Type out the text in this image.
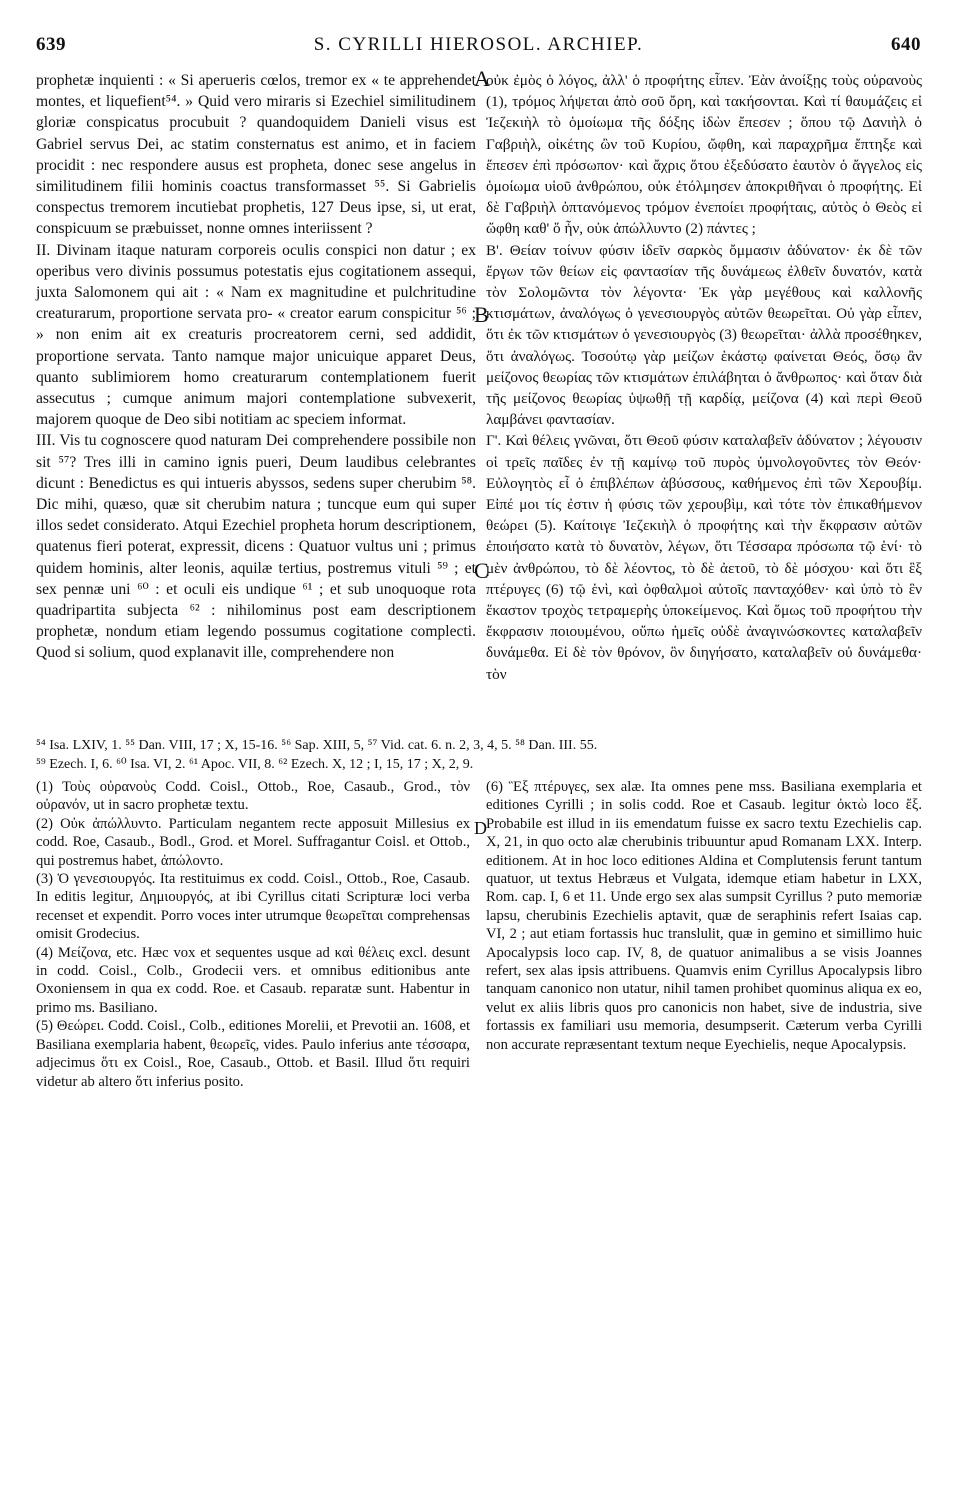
639	S. CYRILLI HIEROSOL. ARCHIEP.	640
A
B
C

prophetæ inquienti : « Si aperueris cœlos, tremor ex « te apprehendet montes, et liquefient⁵⁴. » Quid vero miraris si Ezechiel similitudinem gloriæ conspicatus procubuit ? quandoquidem Danieli visus est Gabriel servus Dei, ac statim consternatus est animo, et in faciem procidit : nec respondere ausus est propheta, donec sese angelus in similitudinem filii hominis coactus transformasset ⁵⁵. Si Gabrielis conspectus tremorem incutiebat prophetis, 127 Deus ipse, si, ut erat, conspicuum se præbuisset, nonne omnes interiissent ?

II. Divinam itaque naturam corporeis oculis conspici non datur ; ex operibus vero divinis possumus potestatis ejus cogitationem assequi, juxta Salomonem qui ait : « Nam ex magnitudine et pulchritudine creaturarum, proportione servata pro- « creator earum conspicitur ⁵⁶ ; » non enim ait ex creaturis procreatorem cerni, sed addidit, proportione servata. Tanto namque major unicuique apparet Deus, quanto sublimiorem homo creaturarum contemplationem fuerit assecutus ; cumque animum majori contemplatione subvexerit, majorem quoque de Deo sibi notitiam ac speciem informat.

III. Vis tu cognoscere quod naturam Dei comprehendere possibile non sit ⁵⁷? Tres illi in camino ignis pueri, Deum laudibus celebrantes dicunt : Benedictus es qui intueris abyssos, sedens super cherubim ⁵⁸. Dic mihi, quæso, quæ sit cherubim natura ; tuncque eum qui super illos sedet considerato. Atqui Ezechiel propheta horum descriptionem, quatenus fieri poterat, expressit, dicens : Quatuor vultus uni ; primus quidem hominis, alter leonis, aquilæ tertius, postremus vituli ⁵⁹ ; et sex pennæ uni ⁶⁰ : et oculi eis undique ⁶¹ ; et sub unoquoque rota quadripartita subjecta ⁶² : nihilominus post eam descriptionem prophetæ, nondum etiam legendo possumus cogitatione complecti. Quod si solium, quod explanavit ille, comprehendere non

οὐκ ἐμὸς ὁ λόγος, ἀλλ' ὁ προφήτης εἶπεν. Ἐὰν ἀνοίξῃς τοὺς οὐρανοὺς (1), τρόμος λήψεται ἀπὸ σοῦ ὄρη, καὶ τακήσονται. Καὶ τί θαυμάζεις εἰ Ἰεζεκιὴλ τὸ ὁμοίωμα τῆς δόξης ἰδὼν ἔπεσεν ; ὅπου τῷ Δανιὴλ ὁ Γαβριὴλ, οἰκέτης ὢν τοῦ Κυρίου, ὤφθη, καὶ παραχρῆμα ἔπτηξε καὶ ἔπεσεν ἐπὶ πρόσωπον· καὶ ἄχρις ὅτου ἐξεδύσατο ἑαυτὸν ὁ ἄγγελος εἰς ὁμοίωμα υἱοῦ ἀνθρώπου, οὐκ ἐτόλμησεν ἀποκριθῆναι ὁ προφήτης. Εἰ δὲ Γαβριὴλ ὀπτανόμενος τρόμον ἐνεποίει προφήταις, αὐτὸς ὁ Θεὸς εἰ ὤφθη καθ' ὅ ἦν, οὐκ ἀπώλλυντο (2) πάντες ;

Β'. Θείαν τοίνυν φύσιν ἰδεῖν σαρκὸς ὄμμασιν ἀδύνατον· ἐκ δὲ τῶν ἔργων τῶν θείων εἰς φαντασίαν τῆς δυνάμεως ἐλθεῖν δυνατόν, κατὰ τὸν Σολομῶντα τὸν λέγοντα· Ἐκ γὰρ μεγέθους καὶ καλλονῆς κτισμάτων, ἀναλόγως ὁ γενεσιουργὸς αὐτῶν θεωρεῖται. Οὐ γὰρ εἶπεν, ὅτι ἐκ τῶν κτισμάτων ὁ γενεσιουργὸς (3) θεωρεῖται· ἀλλὰ προσέθηκεν, ὅτι ἀναλόγως. Τοσούτῳ γὰρ μείζων ἑκάστῳ φαίνεται Θεός, ὅσῳ ἂν μείζονος θεωρίας τῶν κτισμάτων ἐπιλάβηται ὁ ἄνθρωπος· καὶ ὅταν διὰ τῆς μείζονος θεωρίας ὑψωθῇ τῇ καρδίᾳ, μείζονα (4) καὶ περὶ Θεοῦ λαμβάνει φαντασίαν.

Γ'. Καὶ θέλεις γνῶναι, ὅτι Θεοῦ φύσιν καταλαβεῖν ἀδύνατον ; λέγουσιν οἱ τρεῖς παῖδες ἐν τῇ καμίνῳ τοῦ πυρὸς ὑμνολογοῦντες τὸν Θεόν· Εὐλογητὸς εἶ ὁ ἐπιβλέπων ἀβύσσους, καθήμενος ἐπὶ τῶν Χερουβίμ. Εἰπέ μοι τίς ἐστιν ἡ φύσις τῶν χερουβὶμ, καὶ τότε τὸν ἐπικαθήμενον θεώρει (5). Καίτοιγε Ἰεζεκιὴλ ὁ προφήτης καὶ τὴν ἔκφρασιν αὐτῶν ἐποιήσατο κατὰ τὸ δυνατὸν, λέγων, ὅτι Τέσσαρα πρόσωπα τῷ ἑνί· τὸ μὲν ἀνθρώπου, τὸ δὲ λέοντος, τὸ δὲ ἀετοῦ, τὸ δὲ μόσχου· καὶ ὅτι ἓξ πτέρυγες (6) τῷ ἑνὶ, καὶ ὀφθαλμοὶ αὐτοῖς πανταχόθεν· καὶ ὑπὸ τὸ ἓν ἕκαστον τροχὸς τετραμερὴς ὑποκείμενος. Καὶ ὅμως τοῦ προφήτου τὴν ἔκφρασιν ποιουμένου, οὔπω ἡμεῖς οὐδὲ ἀναγινώσκοντες καταλαβεῖν δυνάμεθα. Εἰ δὲ τὸν θρόνον, ὃν διηγήσατο, καταλαβεῖν οὐ δυνάμεθα· τὸν

⁵⁴ Isa. LXIV, 1. ⁵⁵ Dan. VIII, 17 ; X, 15-16. ⁵⁶ Sap. XIII, 5, ⁵⁷ Vid. cat. 6. n. 2, 3, 4, 5. ⁵⁸ Dan. III. 55.

⁵⁹ Ezech. I, 6. ⁶⁰ Isa. VI, 2. ⁶¹ Apoc. VII, 8. ⁶² Ezech. X, 12 ; I, 15, 17 ; X, 2, 9.

D

(1) Τοὺς οὐρανοὺς Codd. Coisl., Ottob., Roe, Casaub., Grod., τὸν οὐρανόν, ut in sacro prophetæ textu.

(2) Οὐκ ἀπώλλυντο. Particulam negantem recte apposuit Millesius ex codd. Roe, Casaub., Bodl., Grod. et Morel. Suffragantur Coisl. et Ottob., qui postremus habet, ἀπώλοντο.

(3) Ὁ γενεσιουργός. Ita restituimus ex codd. Coisl., Ottob., Roe, Casaub. In editis legitur, Δημιουργός, at ibi Cyrillus citati Scripturæ loci verba recenset et expendit. Porro voces inter utrumque θεωρεῖται comprehensas omisit Grodecius.

(4) Μείζονα, etc. Hæc vox et sequentes usque ad καὶ θέλεις excl. desunt in codd. Coisl., Colb., Grodecii vers. et omnibus editionibus ante Oxoniensem in qua ex codd. Roe. et Casaub. reparatæ sunt. Habentur in primo ms. Basiliano.

(5) Θεώρει. Codd. Coisl., Colb., editiones Morelii, et Prevotii an. 1608, et Basiliana exemplaria habent, θεωρεῖς, vides. Paulo inferius ante τέσσαρα, adjecimus ὅτι ex Coisl., Roe, Casaub., Ottob. et Basil. Illud ὅτι requiri videtur ab altero ὅτι inferius posito.

(6) Ἓξ πτέρυγες, sex alæ. Ita omnes pene mss. Basiliana exemplaria et editiones Cyrilli ; in solis codd. Roe et Casaub. legitur ὀκτὼ loco ἕξ. Probabile est illud in iis emendatum fuisse ex sacro textu Ezechielis cap. X, 21, in quo octo alæ cherubinis tribuuntur apud Romanam LXX. Interp. editionem. At in hoc loco editiones Aldina et Complutensis ferunt tantum quatuor, ut textus Hebræus et Vulgata, idemque etiam habetur in LXX, Rom. cap. I, 6 et 11. Unde ergo sex alas sumpsit Cyrillus ? puto memoriæ lapsu, cherubinis Ezechielis aptavit, quæ de seraphinis refert Isaias cap. VI, 2 ; aut etiam fortassis huc translulit, quæ in gemino et simillimo huic Apocalypsis loco cap. IV, 8, de quatuor animalibus a se visis Joannes refert, sex alas ipsis attribuens. Quamvis enim Cyrillus Apocalypsis libro tanquam canonico non utatur, nihil tamen prohibet quominus aliqua ex eo, velut ex aliis libris quos pro canonicis non habet, sive de industria, sive fortassis ex familiari usu memoria, desumpserit. Cæterum verba Cyrilli non accurate repræsentant textum neque Eyechielis, neque Apocalypsis.
